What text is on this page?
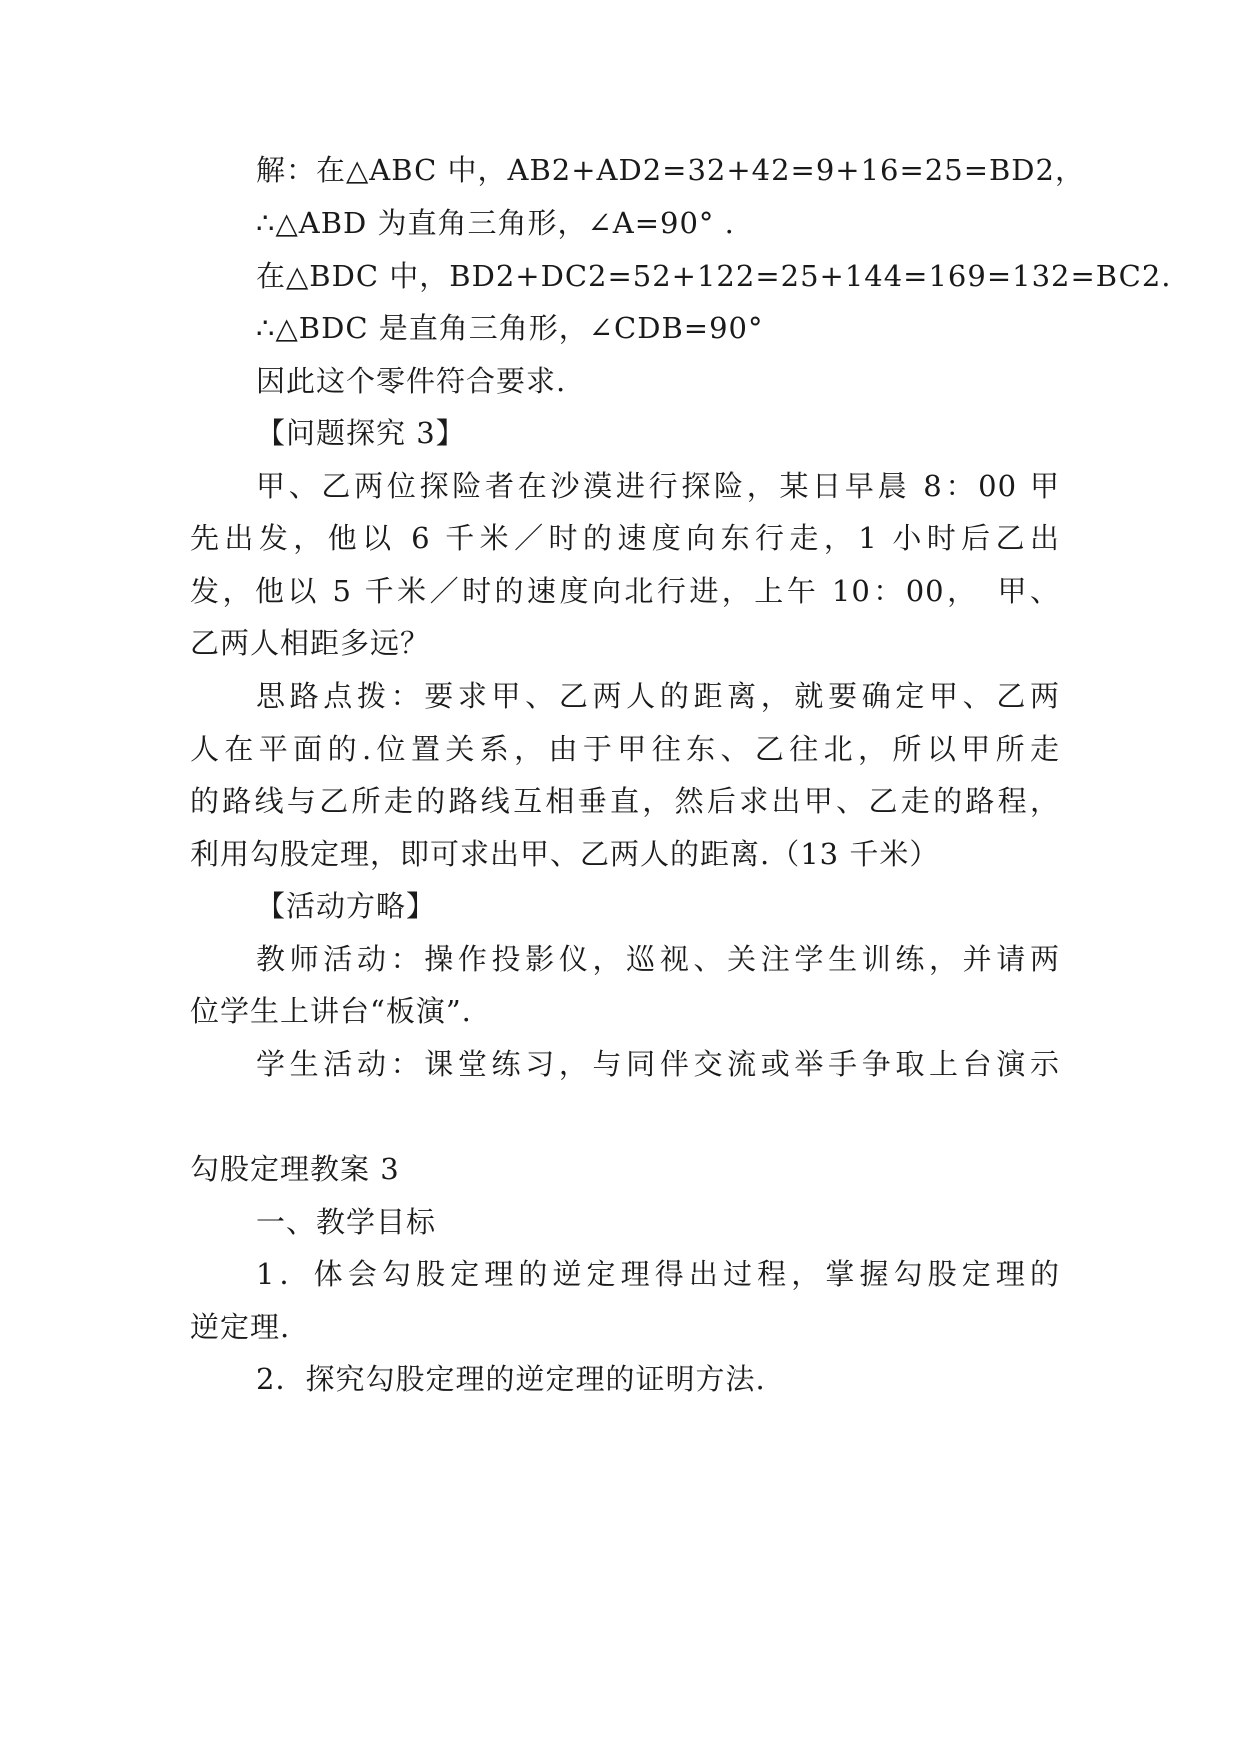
解：在△ABC 中，AB2+AD2=32+42=9+16=25=BD2，
∴△ABD 为直角三角形，∠A=90° .
在△BDC 中，BD2+DC2=52+122=25+144=169=132=BC2.
∴△BDC 是直角三角形，∠CDB=90°
因此这个零件符合要求.
【问题探究 3】
甲、乙两位探险者在沙漠进行探险，某日早晨 8：00 甲
先出发，他以 6 千米／时的速度向东行走，1 小时后乙出
发，他以 5 千米／时的速度向北行进，上午 10：00，　甲、
乙两人相距多远？
思路点拨：要求甲、乙两人的距离，就要确定甲、乙两
人在平面的.位置关系，由于甲往东、乙往北，所以甲所走
的路线与乙所走的路线互相垂直，然后求出甲、乙走的路程，
利用勾股定理，即可求出甲、乙两人的距离.（13 千米）
【活动方略】
教师活动：操作投影仪，巡视、关注学生训练，并请两
位学生上讲台“板演”.
学生活动：课堂练习，与同伴交流或举手争取上台演示
勾股定理教案 3
一、教学目标
1．体会勾股定理的逆定理得出过程，掌握勾股定理的
逆定理.
2．探究勾股定理的逆定理的证明方法.
